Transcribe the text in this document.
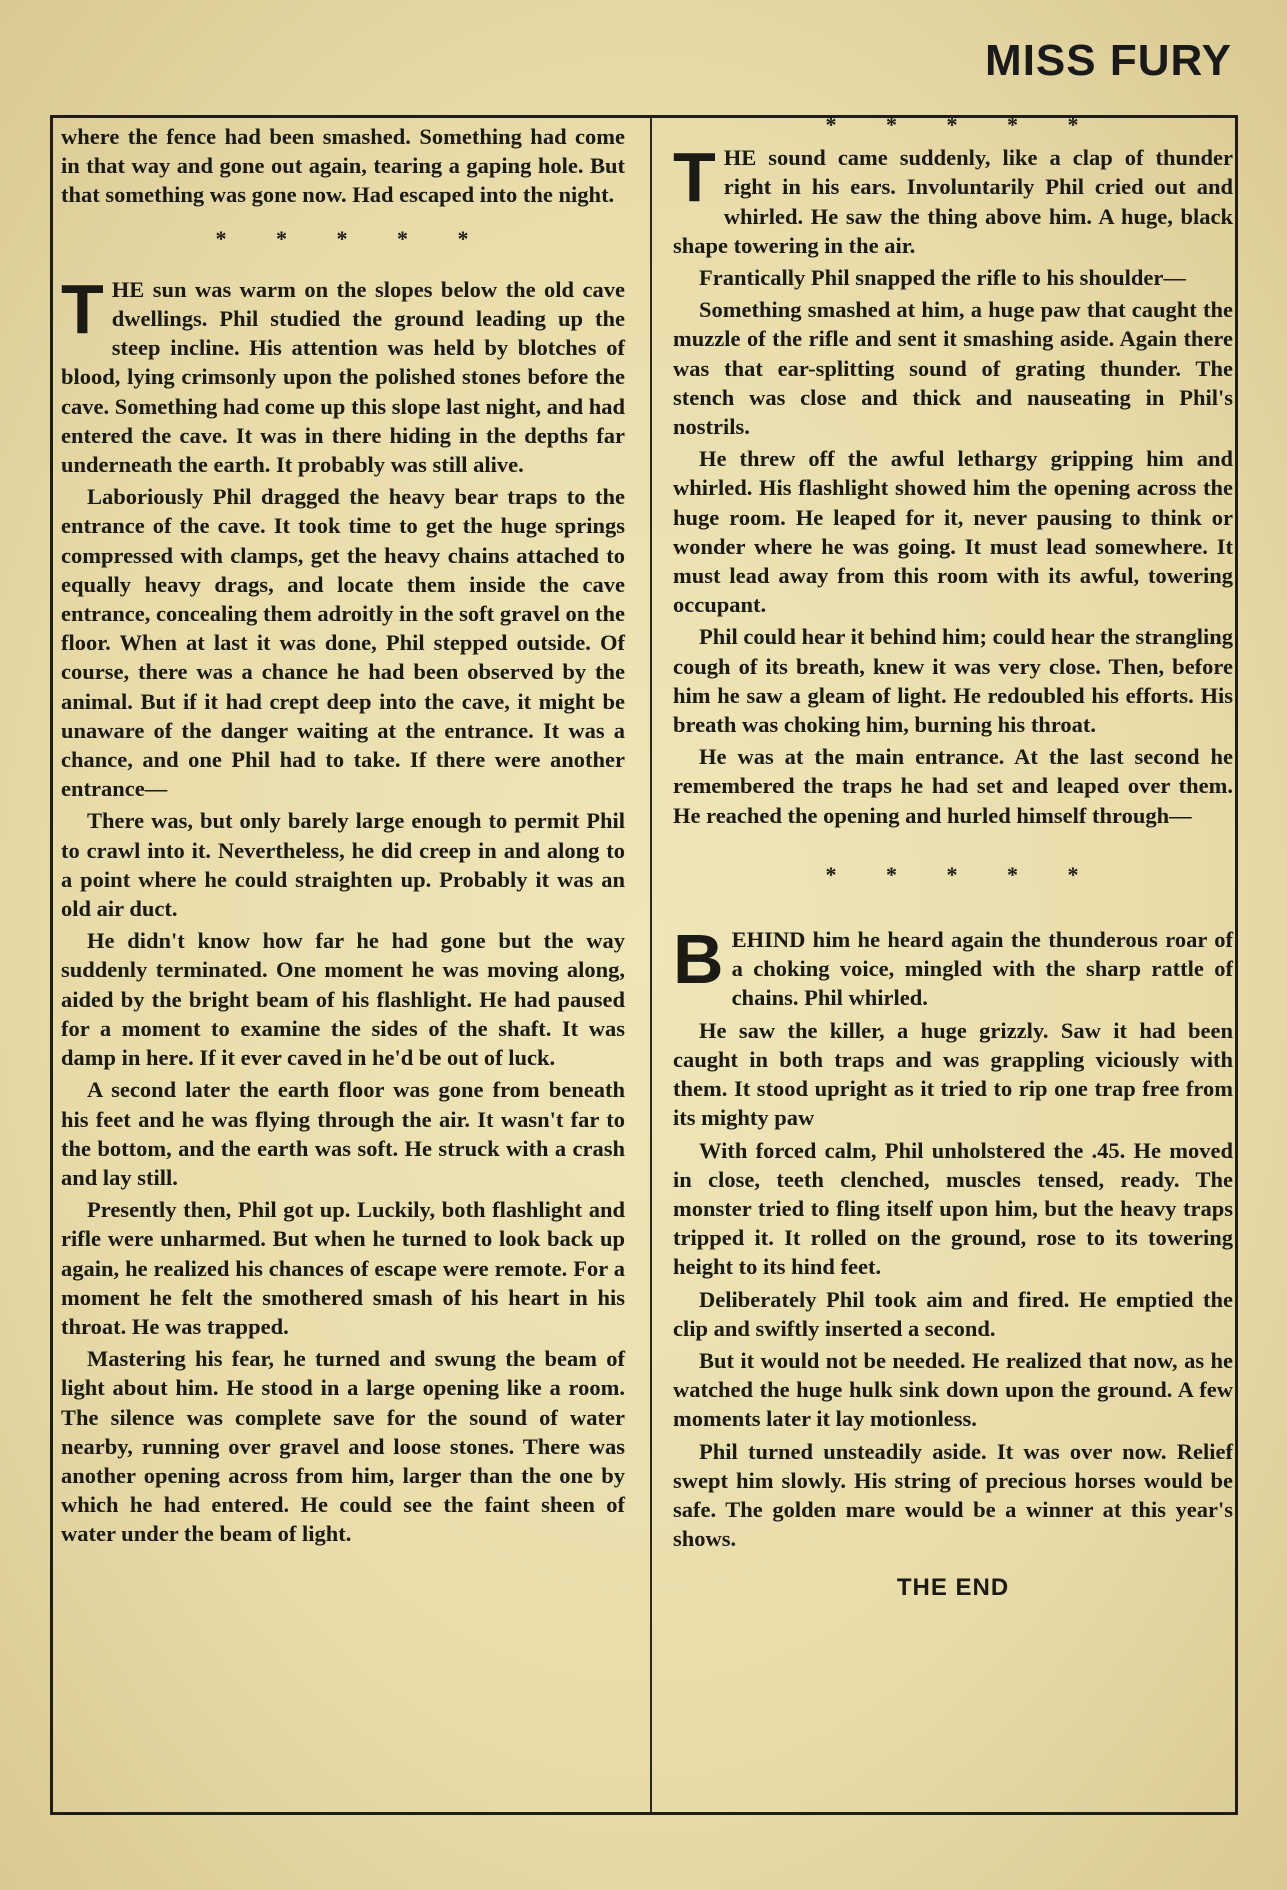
MISS FURY

where the fence had been smashed. Something had come in that way and gone out again, tearing a gaping hole. But that something was gone now. Had escaped into the night.

* * * * *

THE sun was warm on the slopes below the old cave dwellings. Phil studied the ground leading up the steep incline. His attention was held by blotches of blood, lying crimsonly upon the polished stones before the cave. Something had come up this slope last night, and had entered the cave. It was in there hiding in the depths far underneath the earth. It probably was still alive.

Laboriously Phil dragged the heavy bear traps to the entrance of the cave. It took time to get the huge springs compressed with clamps, get the heavy chains attached to equally heavy drags, and locate them inside the cave entrance, concealing them adroitly in the soft gravel on the floor. When at last it was done, Phil stepped outside. Of course, there was a chance he had been observed by the animal. But if it had crept deep into the cave, it might be unaware of the danger waiting at the entrance. It was a chance, and one Phil had to take. If there were another entrance—

There was, but only barely large enough to permit Phil to crawl into it. Nevertheless, he did creep in and along to a point where he could straighten up. Probably it was an old air duct.

He didn't know how far he had gone but the way suddenly terminated. One moment he was moving along, aided by the bright beam of his flashlight. He had paused for a moment to examine the sides of the shaft. It was damp in here. If it ever caved in he'd be out of luck.

A second later the earth floor was gone from beneath his feet and he was flying through the air. It wasn't far to the bottom, and the earth was soft. He struck with a crash and lay still.

Presently then, Phil got up. Luckily, both flashlight and rifle were unharmed. But when he turned to look back up again, he realized his chances of escape were remote. For a moment he felt the smothered smash of his heart in his throat. He was trapped.

Mastering his fear, he turned and swung the beam of light about him. He stood in a large opening like a room. The silence was complete save for the sound of water nearby, running over gravel and loose stones. There was another opening across from him, larger than the one by which he had entered. He could see the faint sheen of water under the beam of light.

* * * * *

THE sound came suddenly, like a clap of thunder right in his ears. Involuntarily Phil cried out and whirled. He saw the thing above him. A huge, black shape towering in the air.

Frantically Phil snapped the rifle to his shoulder—

Something smashed at him, a huge paw that caught the muzzle of the rifle and sent it smashing aside. Again there was that ear-splitting sound of grating thunder. The stench was close and thick and nauseating in Phil's nostrils.

He threw off the awful lethargy gripping him and whirled. His flashlight showed him the opening across the huge room. He leaped for it, never pausing to think or wonder where he was going. It must lead somewhere. It must lead away from this room with its awful, towering occupant.

Phil could hear it behind him; could hear the strangling cough of its breath, knew it was very close. Then, before him he saw a gleam of light. He redoubled his efforts. His breath was choking him, burning his throat.

He was at the main entrance. At the last second he remembered the traps he had set and leaped over them. He reached the opening and hurled himself through—

* * * * *

BEHIND him he heard again the thunderous roar of a choking voice, mingled with the sharp rattle of chains. Phil whirled.

He saw the killer, a huge grizzly. Saw it had been caught in both traps and was grappling viciously with them. It stood upright as it tried to rip one trap free from its mighty paw

With forced calm, Phil unholstered the .45. He moved in close, teeth clenched, muscles tensed, ready. The monster tried to fling itself upon him, but the heavy traps tripped it. It rolled on the ground, rose to its towering height to its hind feet.

Deliberately Phil took aim and fired. He emptied the clip and swiftly inserted a second.

But it would not be needed. He realized that now, as he watched the huge hulk sink down upon the ground. A few moments later it lay motionless.

Phil turned unsteadily aside. It was over now. Relief swept him slowly. His string of precious horses would be safe. The golden mare would be a winner at this year's shows.

THE END
